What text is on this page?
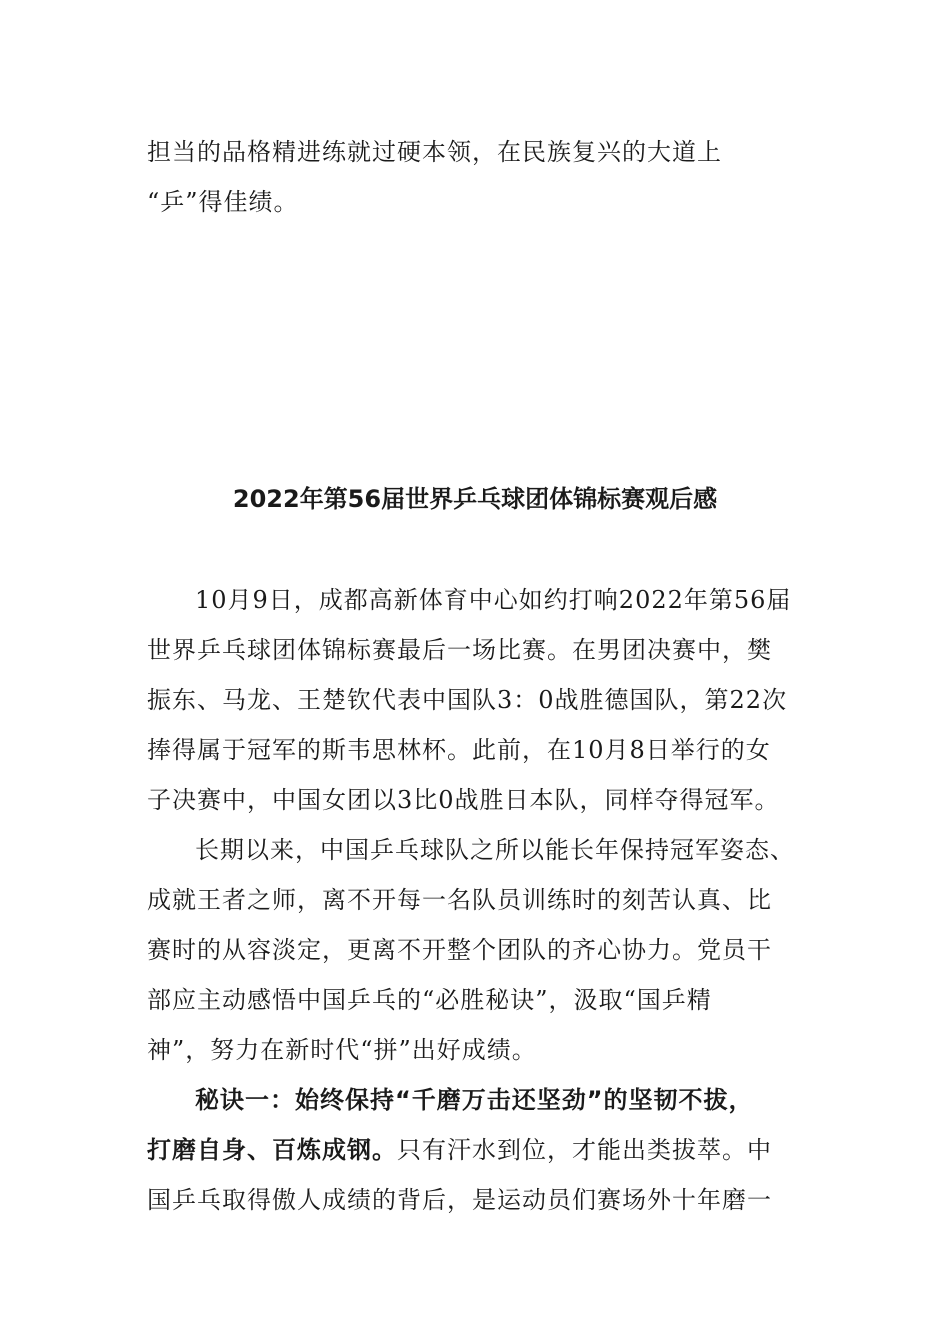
担当的品格精进练就过硬本领，在民族复兴的大道上
“乒”得佳绩。
2022年第56届世界乒乓球团体锦标赛观后感
10月9日，成都高新体育中心如约打响2022年第56届
世界乒乓球团体锦标赛最后一场比赛。在男团决赛中，樊
振东、马龙、王楚钦代表中国队3：0战胜德国队，第22次
捧得属于冠军的斯韦思林杯。此前，在10月8日举行的女
子决赛中，中国女团以3比0战胜日本队，同样夺得冠军。
长期以来，中国乒乓球队之所以能长年保持冠军姿态、
成就王者之师，离不开每一名队员训练时的刻苦认真、比
赛时的从容淡定，更离不开整个团队的齐心协力。党员干
部应主动感悟中国乒乓的“必胜秘诀”，汲取“国乒精
神”，努力在新时代“拼”出好成绩。
秘诀一：始终保持“千磨万击还坚劲”的坚韧不拔，
打磨自身、百炼成钢。只有汗水到位，才能出类拔萃。中
国乒乓取得傲人成绩的背后，是运动员们赛场外十年磨一
